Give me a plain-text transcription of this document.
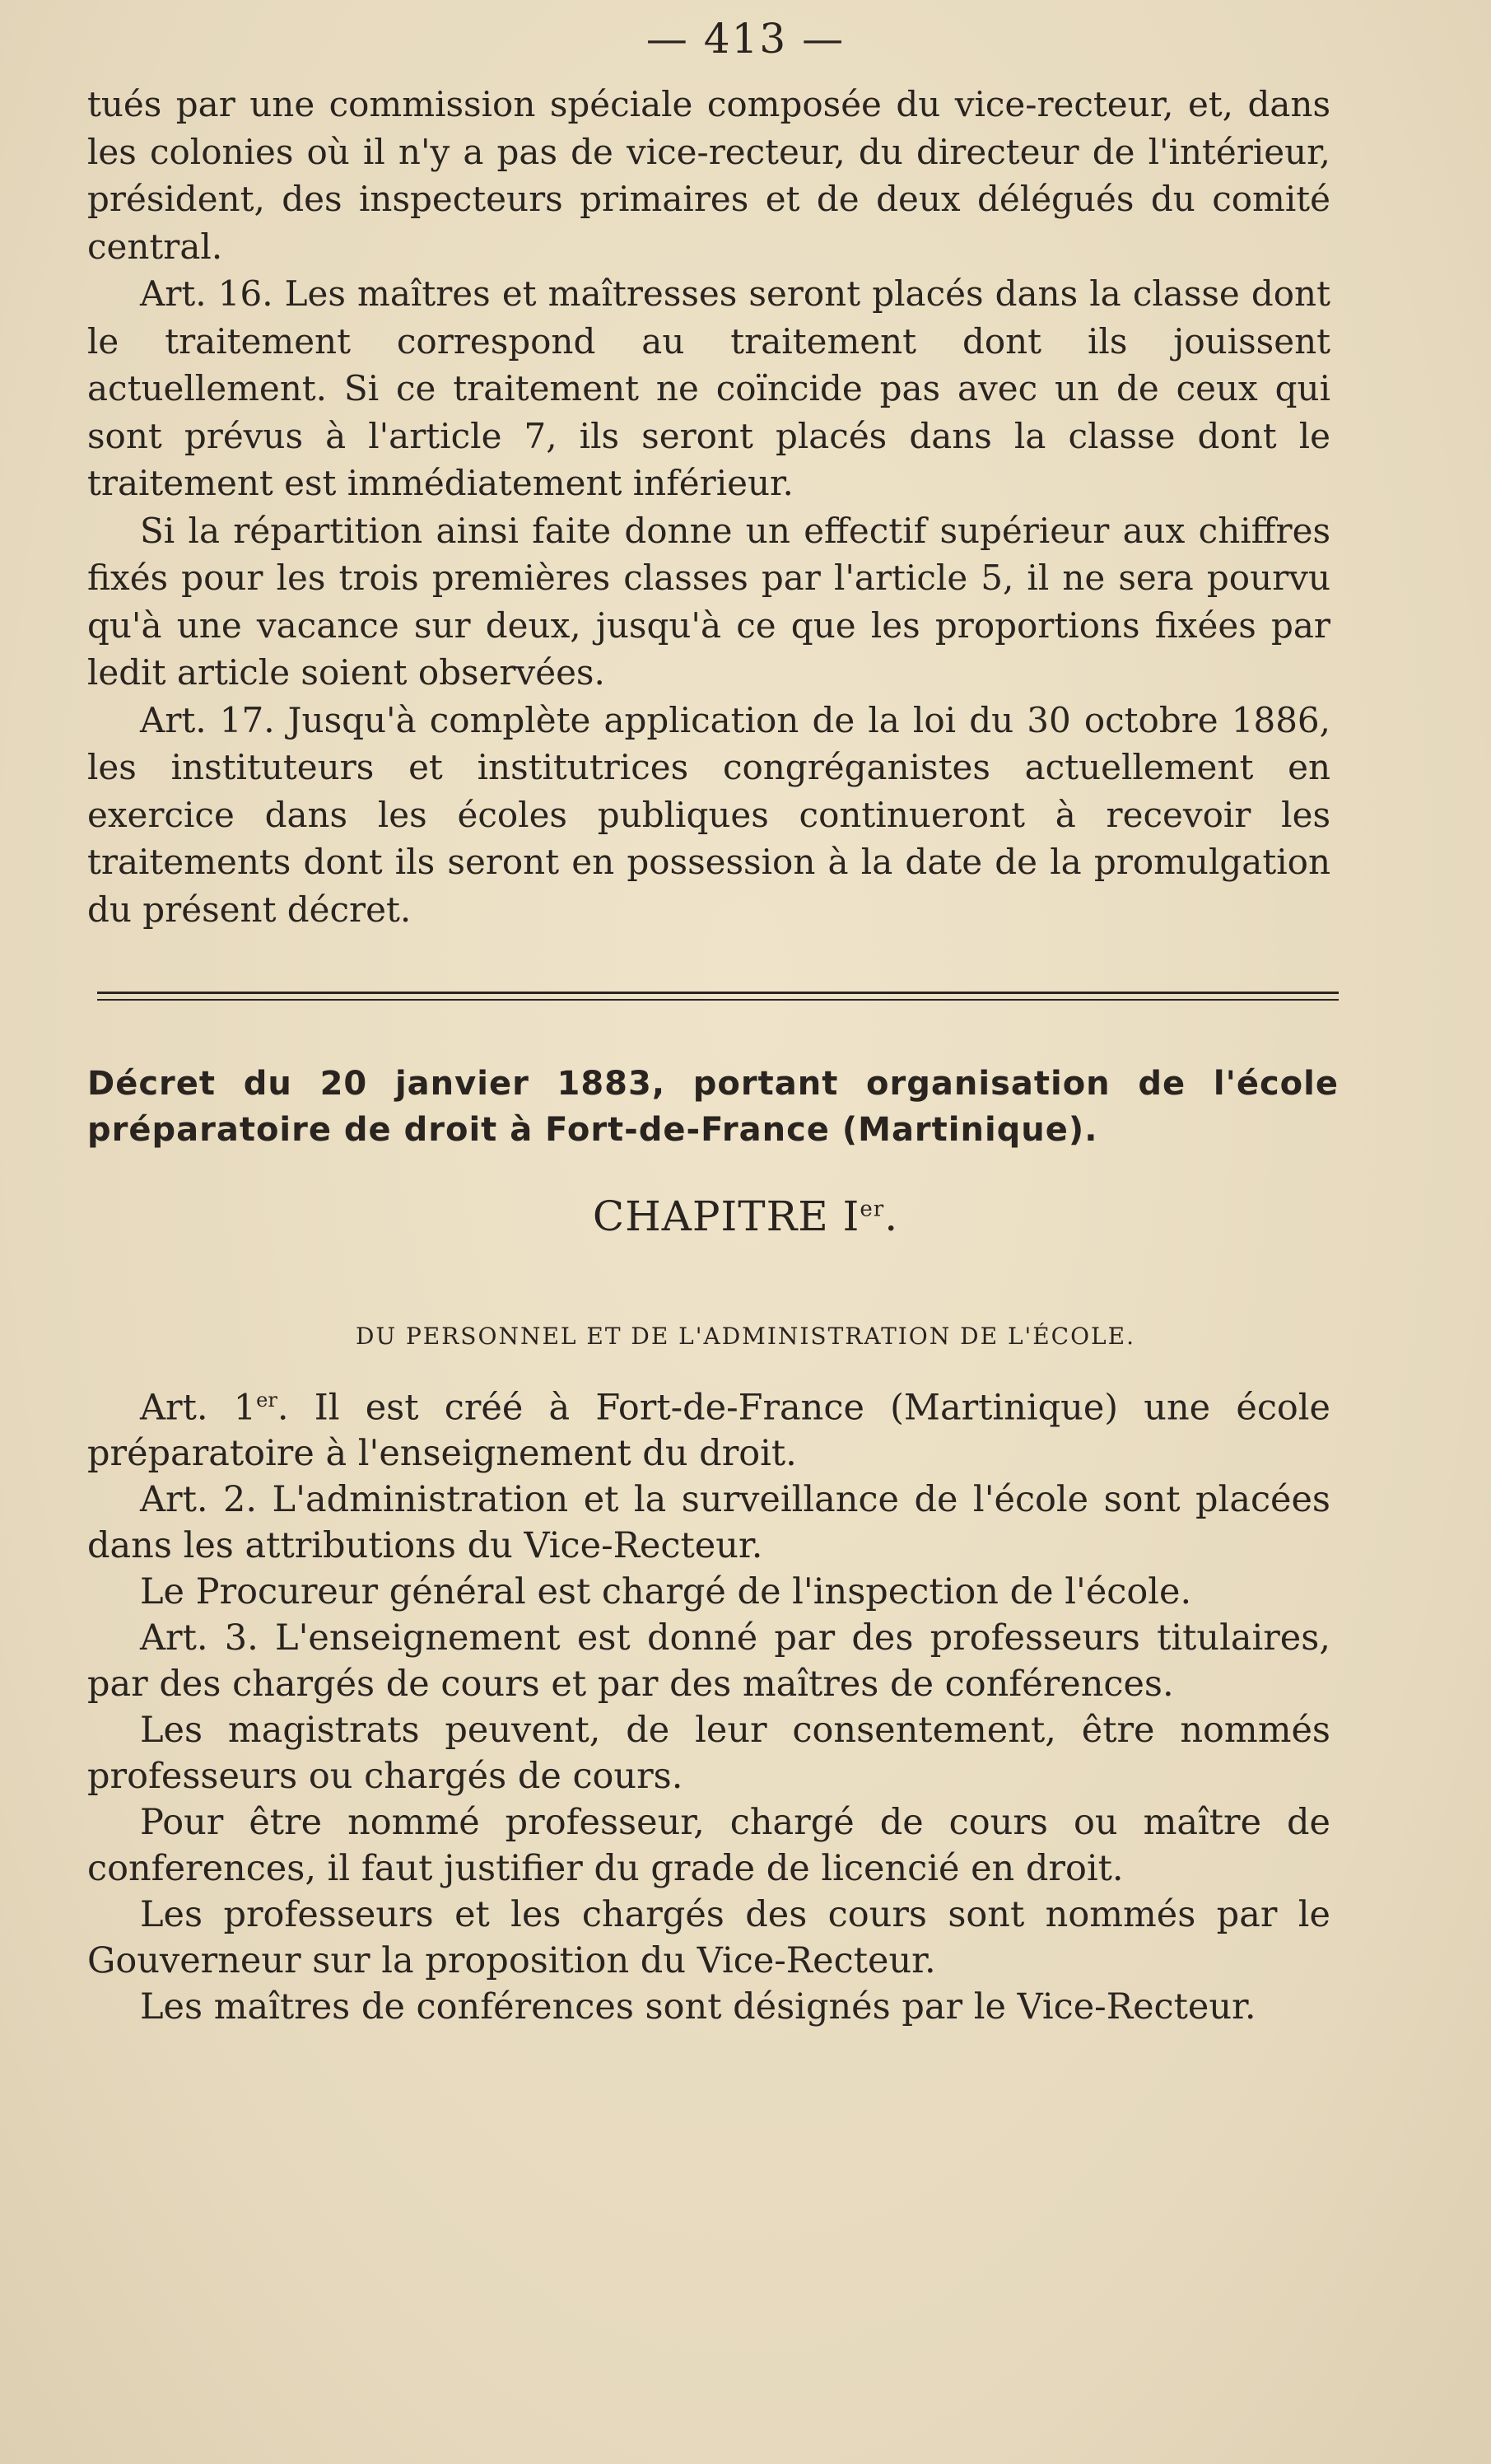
— 413 —

tués par une commission spéciale composée du vice-recteur, et, dans les colonies où il n'y a pas de vice-recteur, du directeur de l'intérieur, président, des inspecteurs primaires et de deux délégués du comité central.

Art. 16. Les maîtres et maîtresses seront placés dans la classe dont le traitement correspond au traitement dont ils jouissent actuellement. Si ce traitement ne coïncide pas avec un de ceux qui sont prévus à l'article 7, ils seront placés dans la classe dont le traitement est immédiatement inférieur.

Si la répartition ainsi faite donne un effectif supérieur aux chiffres fixés pour les trois premières classes par l'article 5, il ne sera pourvu qu'à une vacance sur deux, jusqu'à ce que les proportions fixées par ledit article soient observées.

Art. 17. Jusqu'à complète application de la loi du 30 octobre 1886, les instituteurs et institutrices congréganistes actuellement en exercice dans les écoles publiques continueront à recevoir les traitements dont ils seront en possession à la date de la promulgation du présent décret.

Décret du 20 janvier 1883, portant organisation de l'école préparatoire de droit à Fort-de-France (Martinique).
CHAPITRE Ier.
DU PERSONNEL ET DE L'ADMINISTRATION DE L'ÉCOLE.

Art. 1er. Il est créé à Fort-de-France (Martinique) une école préparatoire à l'enseignement du droit.

Art. 2. L'administration et la surveillance de l'école sont placées dans les attributions du Vice-Recteur.

Le Procureur général est chargé de l'inspection de l'école.

Art. 3. L'enseignement est donné par des professeurs titulaires, par des chargés de cours et par des maîtres de conférences.

Les magistrats peuvent, de leur consentement, être nommés professeurs ou chargés de cours.

Pour être nommé professeur, chargé de cours ou maître de conferences, il faut justifier du grade de licencié en droit.

Les professeurs et les chargés des cours sont nommés par le Gouverneur sur la proposition du Vice-Recteur.

Les maîtres de conférences sont désignés par le Vice-Recteur.
